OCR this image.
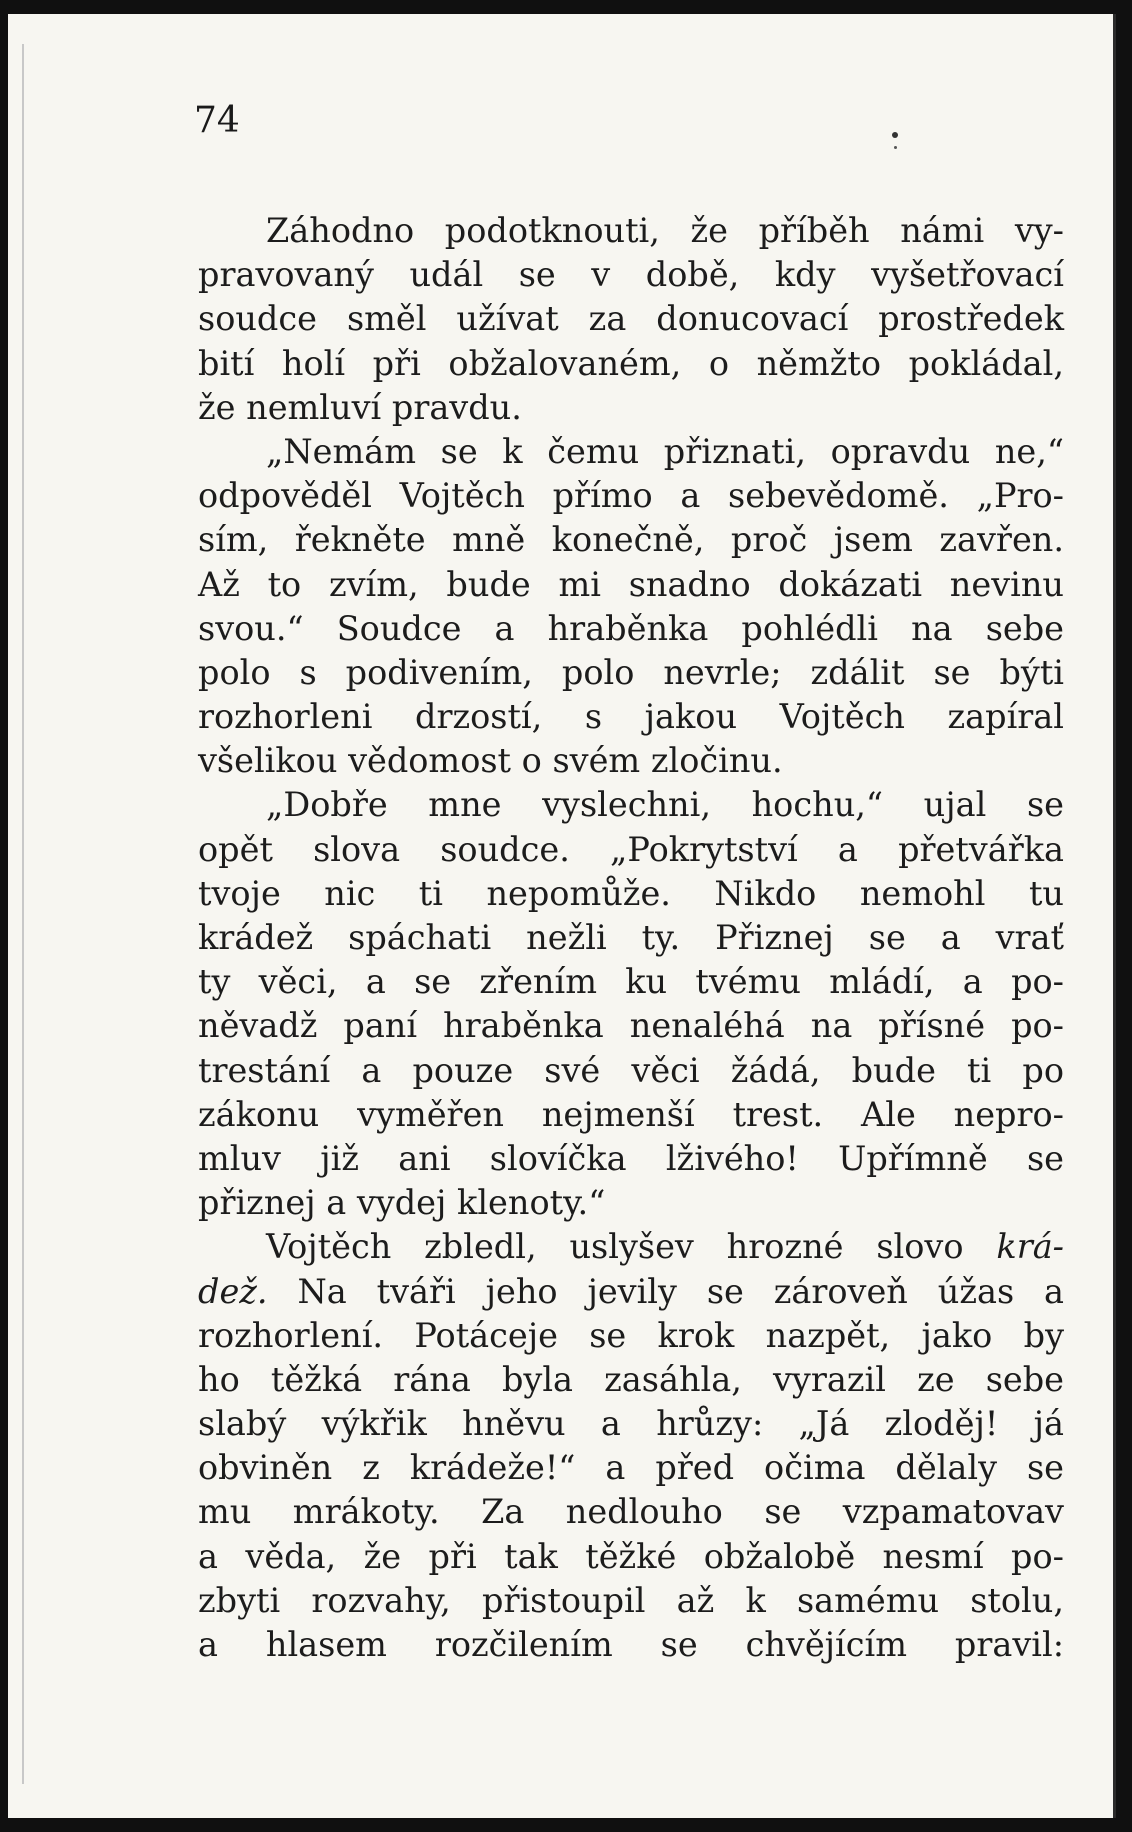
74
Záhodno podotknouti, že příběh námi vy-
pravovaný udál se v době, kdy vyšetřovací
soudce směl užívat za donucovací prostředek
bití holí při obžalovaném, o němžto pokládal,
že nemluví pravdu.
„Nemám se k čemu přiznati, opravdu ne,“
odpověděl Vojtěch přímo a sebevědomě. „Pro-
sím, řekněte mně konečně, proč jsem zavřen.
Až to zvím, bude mi snadno dokázati nevinu
svou.“ Soudce a hraběnka pohlédli na sebe
polo s podivením, polo nevrle; zdálit se býti
rozhorleni drzostí, s jakou Vojtěch zapíral
všelikou vědomost o svém zločinu.
„Dobře mne vyslechni, hochu,“ ujal se
opět slova soudce. „Pokrytství a přetvářka
tvoje nic ti nepomůže. Nikdo nemohl tu
krádež spáchati nežli ty. Přiznej se a vrať
ty věci, a se zřením ku tvému mládí, a po-
něvadž paní hraběnka nenaléhá na přísné po-
trestání a pouze své věci žádá, bude ti po
zákonu vyměřen nejmenší trest. Ale nepro-
mluv již ani slovíčka lživého! Upřímně se
přiznej a vydej klenoty.“
Vojtěch zbledl, uslyšev hrozné slovo krá-
dež. Na tváři jeho jevily se zároveň úžas a
rozhorlení. Potáceje se krok nazpět, jako by
ho těžká rána byla zasáhla, vyrazil ze sebe
slabý výkřik hněvu a hrůzy: „Já zloděj! já
obviněn z krádeže!“ a před očima dělaly se
mu mrákoty. Za nedlouho se vzpamatovav
a věda, že při tak těžké obžalobě nesmí po-
zbyti rozvahy, přistoupil až k samému stolu,
a hlasem rozčilením se chvějícím pravil:
